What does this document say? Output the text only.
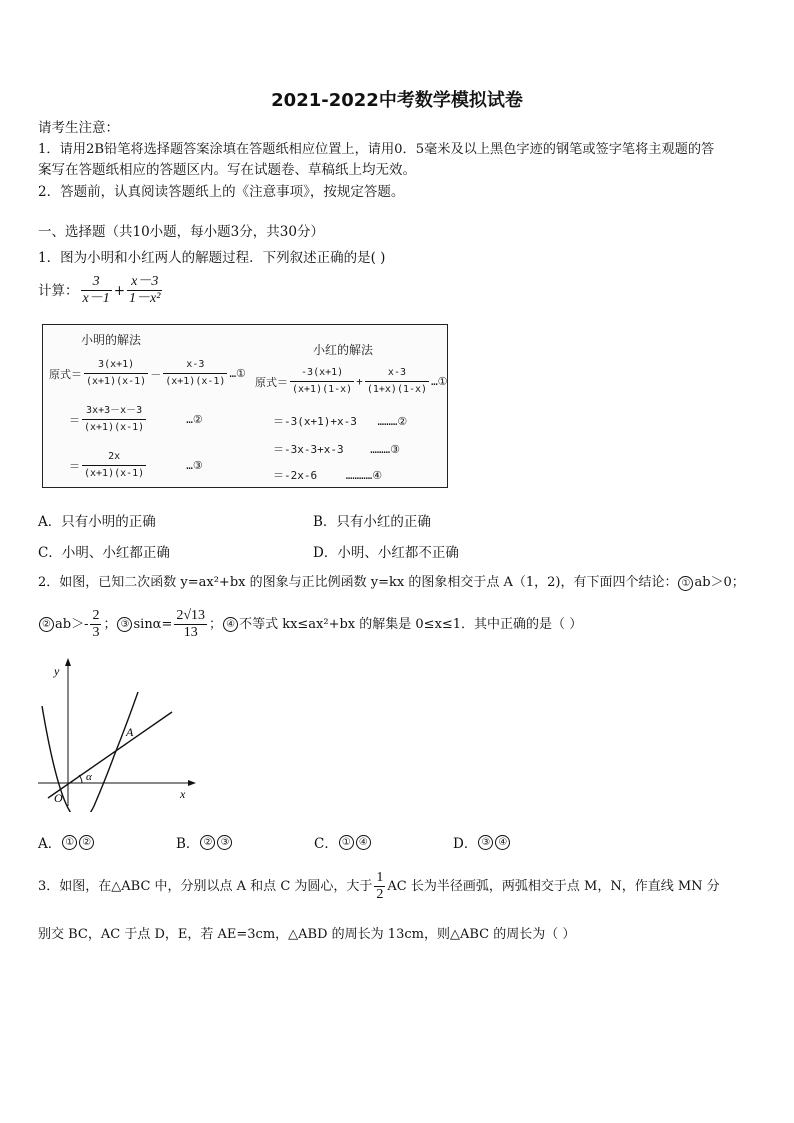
2021-2022中考数学模拟试卷
请考生注意：
1．请用2B铅笔将选择题答案涂填在答题纸相应位置上，请用0．5毫米及以上黑色字迹的钢笔或签字笔将主观题的答
案写在答题纸相应的答题区内。写在试题卷、草稿纸上均无效。
2．答题前，认真阅读答题纸上的《注意事项》，按规定答题。
一、选择题（共10小题，每小题3分，共30分）
1．图为小明和小红两人的解题过程．下列叙述正确的是( )
计算： $\frac{3}{x-1} + \frac{x-3}{\text{1－x²}}$
小明的解法
原式＝ $\frac{3(x+1)}{(x+1)(x-1)} - \frac{x-3}{(x+1)(x-1)}$ …①
＝ $\frac{3x+3-x-3}{(x+1)(x-1)}$	…②
＝ $\frac{2x}{(x+1)(x-1)}$	…③
小红的解法
原式＝ $\frac{-3(x+1)}{(x+1)(1-x)} + \frac{x-3}{(1+x)(1-x)}$ …①
＝-3(x+1)+x-3 ………②
＝-3x-3+x-3 ………③
＝-2x-6	…………④
A．只有小明的正确	B．只有小红的正确
C．小明、小红都正确	D．小明、小红都不正确
2．如图，已知二次函数 y=ax²+bx 的图象与正比例函数 y=kx 的图象相交于点 A（1，2)，有下面四个结论： ① ab＞0；
② $ab>- \frac{2}{3}$ ； ③ $\sin\alpha= \frac{2√13}{13}$ ； ④ 不等式 kx≤ax²+bx 的解集是 0≤x≤1．其中正确的是（ ）
y
x
O
A
α
A． ① ②	B． ② ③	C． ① ④	D． ③ ④
3．如图，在△ABC 中，分别以点 A 和点 C 为圆心，大于 $\frac{1}{2}$ AC 长为半径画弧，两弧相交于点 M，N，作直线 MN 分
别交 BC，AC 于点 D，E，若 AE=3cm，△ABD 的周长为 13cm，则△ABC 的周长为（ ）
